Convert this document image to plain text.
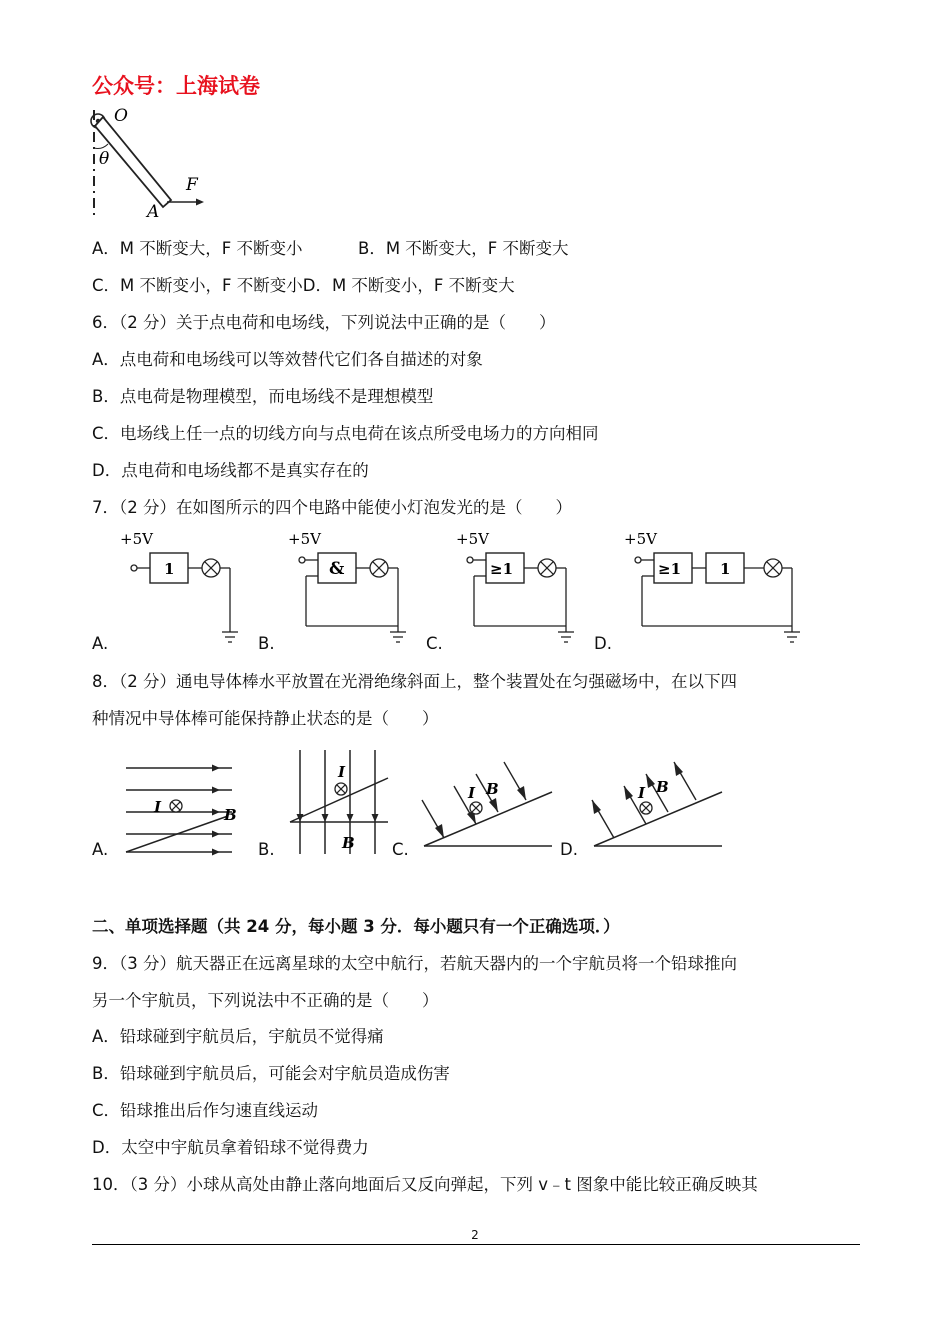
公众号：上海试卷
O
θ
F
A
A．M 不断变大，F 不断变小	B．M 不断变大，F 不断变大
C．M 不断变小，F 不断变小D．M 不断变小，F 不断变大
6．（2 分）关于点电荷和电场线，下列说法中正确的是（　　）
A．点电荷和电场线可以等效替代它们各自描述的对象
B．点电荷是物理模型，而电场线不是理想模型
C．电场线上任一点的切线方向与点电荷在该点所受电场力的方向相同
D．点电荷和电场线都不是真实存在的
7．（2 分）在如图所示的四个电路中能使小灯泡发光的是（　　）
+5V
1
A.
+5V
&
B.
+5V
≥1
C.
+5V
≥1	1
D.
8．（2 分）通电导体棒水平放置在光滑绝缘斜面上，整个装置处在匀强磁场中，在以下四
种情况中导体棒可能保持静止状态的是（　　）
I	B
A.
I
B
B.
I B
C.
I B
D.
二、单项选择题（共 24 分，每小题 3 分．每小题只有一个正确选项．）
9．（3 分）航天器正在远离星球的太空中航行，若航天器内的一个宇航员将一个铅球推向
另一个宇航员，下列说法中不正确的是（　　）
A．铅球碰到宇航员后，宇航员不觉得痛
B．铅球碰到宇航员后，可能会对宇航员造成伤害
C．铅球推出后作匀速直线运动
D．太空中宇航员拿着铅球不觉得费力
10．（3 分）小球从高处由静止落向地面后又反向弹起，下列 v﹣t 图象中能比较正确反映其
2
